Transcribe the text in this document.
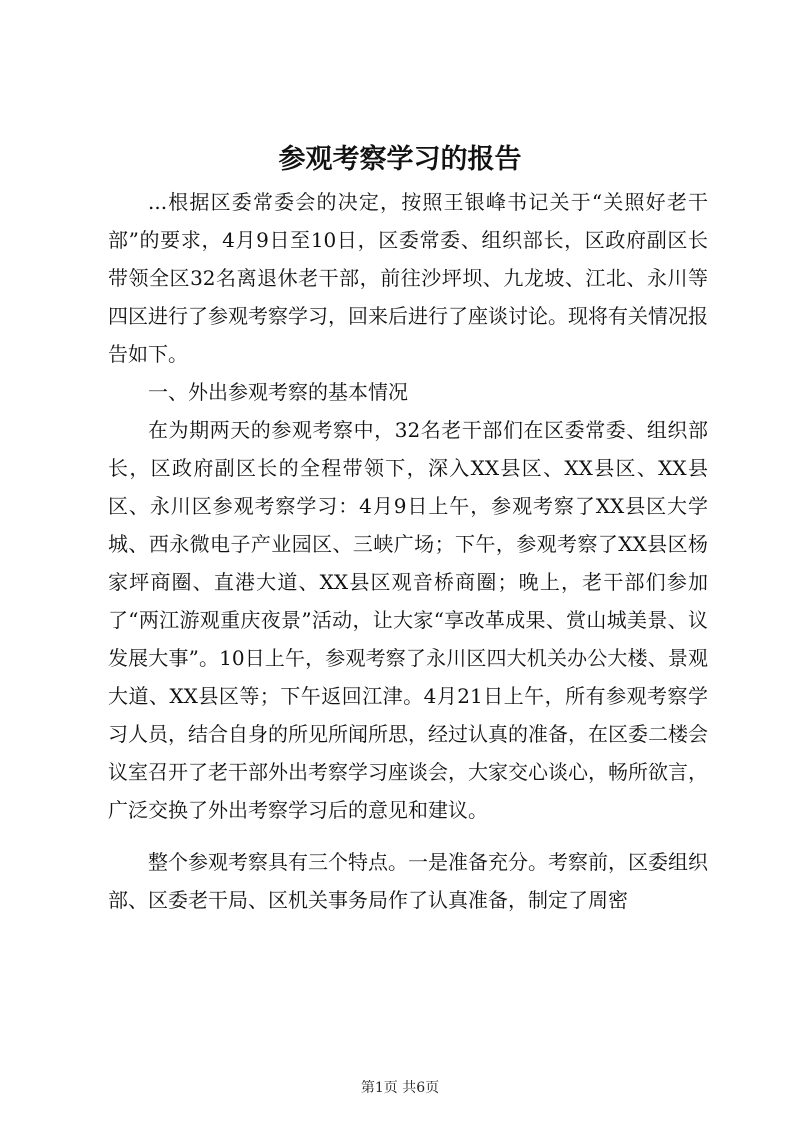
参观考察学习的报告

...根据区委常委会的决定，按照王银峰书记关于“关照好老干部”的要求，4月9日至10日，区委常委、组织部长，区政府副区长带领全区32名离退休老干部，前往沙坪坝、九龙坡、江北、永川等四区进行了参观考察学习，回来后进行了座谈讨论。现将有关情况报告如下。

一、外出参观考察的基本情况

在为期两天的参观考察中，32名老干部们在区委常委、组织部长，区政府副区长的全程带领下，深入XX县区、XX县区、XX县区、永川区参观考察学习：4月9日上午，参观考察了XX县区大学城、西永微电子产业园区、三峡广场；下午，参观考察了XX县区杨家坪商圈、直港大道、XX县区观音桥商圈；晚上，老干部们参加了“两江游观重庆夜景”活动，让大家“享改革成果、赏山城美景、议发展大事”。10日上午，参观考察了永川区四大机关办公大楼、景观大道、XX县区等；下午返回江津。4月21日上午，所有参观考察学习人员，结合自身的所见所闻所思，经过认真的准备，在区委二楼会议室召开了老干部外出考察学习座谈会，大家交心谈心，畅所欲言，广泛交换了外出考察学习后的意见和建议。

整个参观考察具有三个特点。一是准备充分。考察前，区委组织部、区委老干局、区机关事务局作了认真准备，制定了周密

第1页 共6页
